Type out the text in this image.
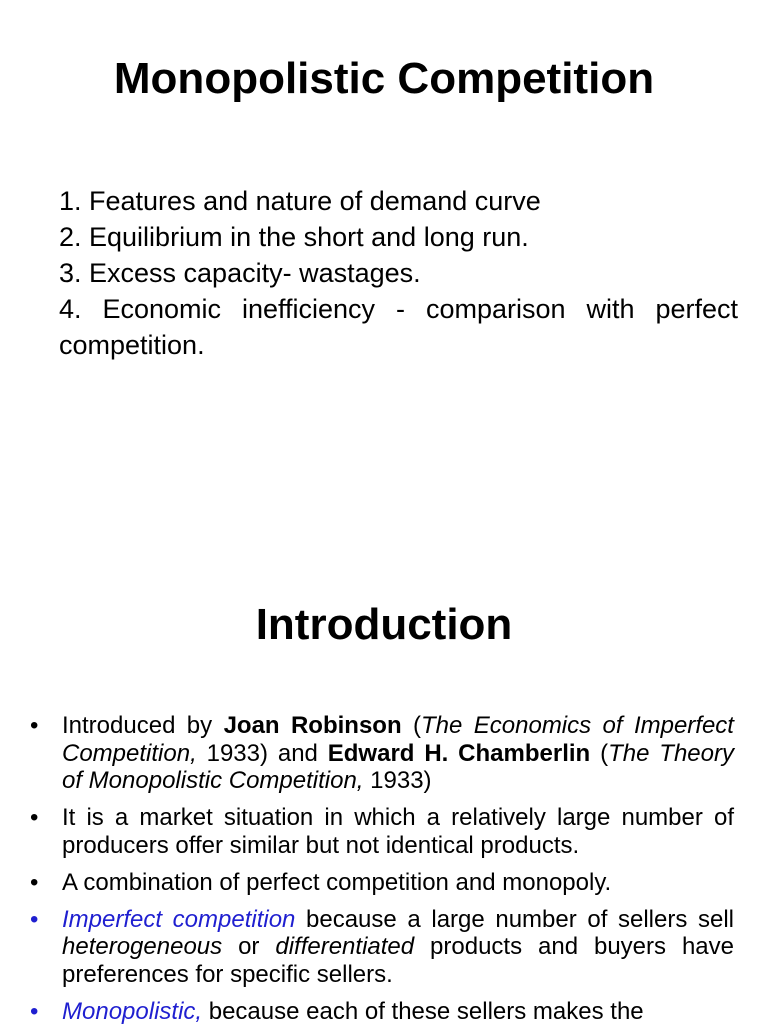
Monopolistic Competition
1. Features and nature of demand curve
2. Equilibrium in the short and long run.
3. Excess capacity- wastages.
4. Economic inefficiency - comparison with perfect competition.
Introduction
• Introduced by Joan Robinson (The Economics of Imperfect Competition, 1933) and Edward H. Chamberlin (The Theory of Monopolistic Competition, 1933)
• It is a market situation in which a relatively large number of producers offer similar but not identical products.
• A combination of perfect competition and monopoly.
• Imperfect competition because a large number of sellers sell heterogeneous or differentiated products and buyers have preferences for specific sellers.
• Monopolistic, because each of these sellers makes the
